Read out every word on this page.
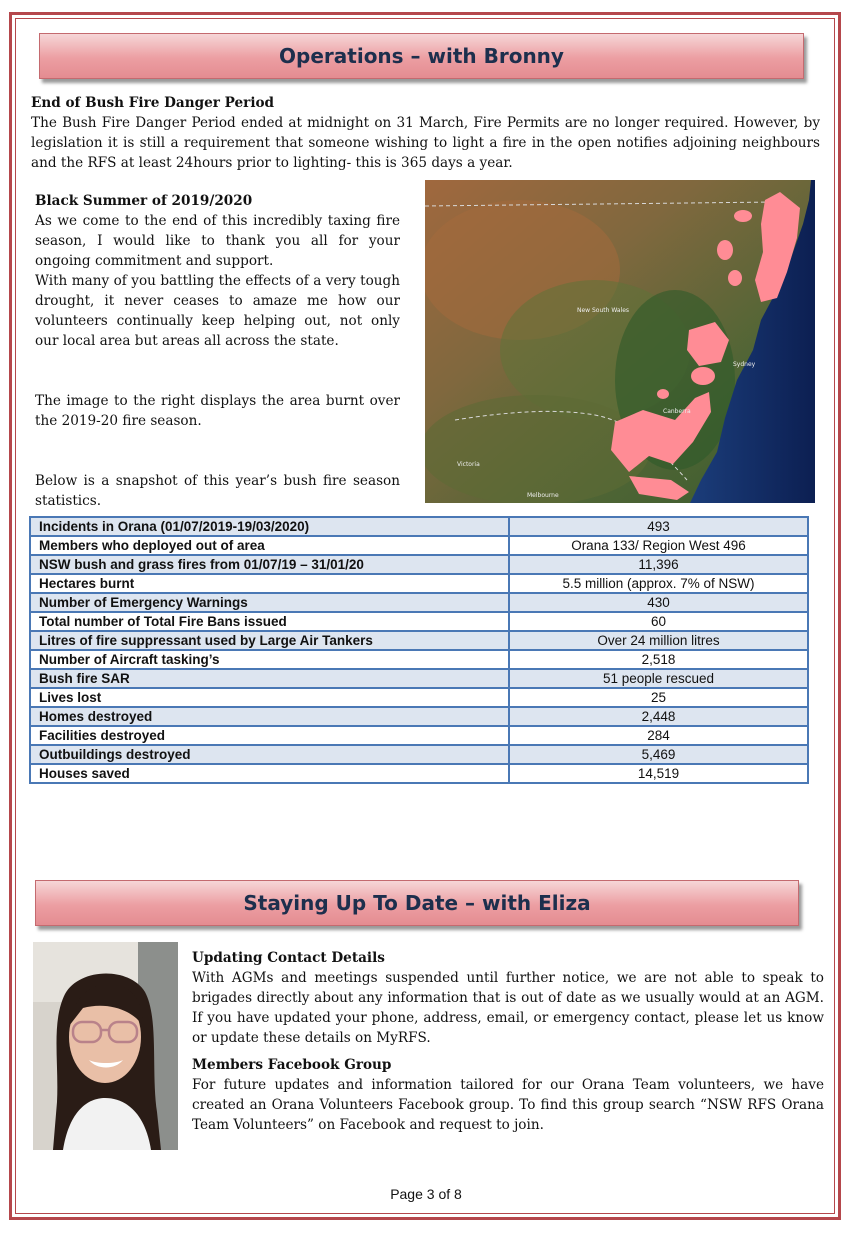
Operations – with Bronny

End of Bush Fire Danger Period

The Bush Fire Danger Period ended at midnight on 31 March, Fire Permits are no longer required. However, by legislation it is still a requirement that someone wishing to light a fire in the open notifies adjoining neighbours and the RFS at least 24hours prior to lighting- this is 365 days a year.

Black Summer of 2019/2020

As we come to the end of this incredibly taxing fire season, I would like to thank you all for your ongoing commitment and support.

With many of you battling the effects of a very tough drought, it never ceases to amaze me how our volunteers continually keep helping out, not only our local area but areas all across the state.

The image to the right displays the area burnt over the 2019-20 fire season.

Below is a snapshot of this year’s bush fire season statistics.

New South Wales
Sydney
Canberra
Victoria
Melbourne
Incidents in Orana (01/07/2019-19/03/2020)	493
Members who deployed out of area	Orana 133/ Region West 496
NSW bush and grass fires from 01/07/19 – 31/01/20	11,396
Hectares burnt	5.5 million (approx. 7% of NSW)
Number of Emergency Warnings	430
Total number of Total Fire Bans issued	60
Litres of fire suppressant used by Large Air Tankers	Over 24 million litres
Number of Aircraft tasking’s	2,518
Bush fire SAR	51 people rescued
Lives lost	25
Homes destroyed	2,448
Facilities destroyed	284
Outbuildings destroyed	5,469
Houses saved	14,519
Staying Up To Date – with Eliza

Updating Contact Details

With AGMs and meetings suspended until further notice, we are not able to speak to brigades directly about any information that is out of date as we usually would at an AGM. If you have updated your phone, address, email, or emergency contact, please let us know or update these details on MyRFS.

Members Facebook Group

For future updates and information tailored for our Orana Team volunteers, we have created an Orana Volunteers Facebook group. To find this group search “NSW RFS Orana Team Volunteers” on Facebook and request to join.

Page 3 of 8
